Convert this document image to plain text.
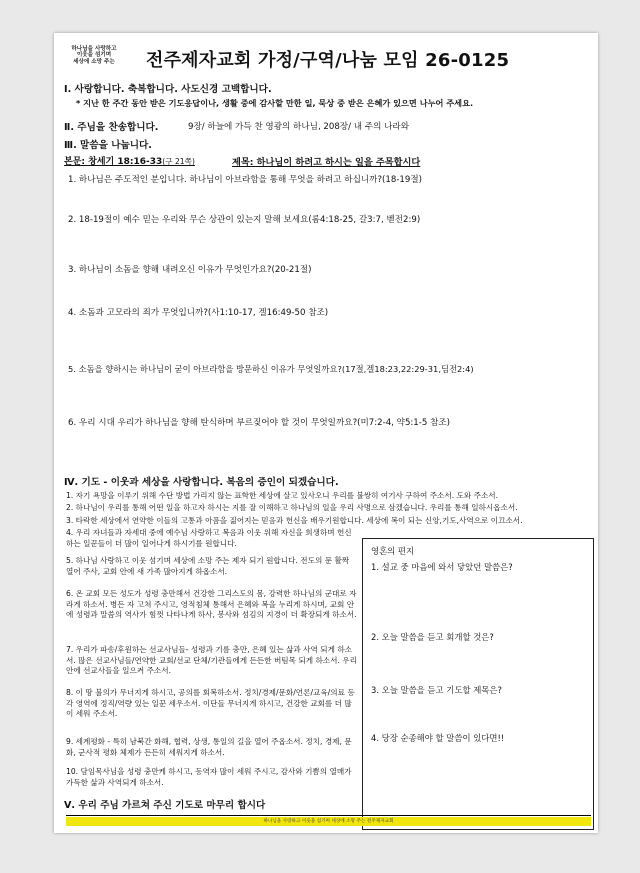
하나님을 사랑하고
이웃을 섬기며
세상에 소망 주는	전주제자교회 가정/구역/나눔 모임 26-0125
Ⅰ. 사랑합니다. 축복합니다. 사도신경 고백합니다.
* 지난 한 주간 동안 받은 기도응답이나, 생활 중에 감사할 만한 일, 묵상 중 받은 은혜가 있으면 나누어 주세요.
Ⅱ. 주님을 찬송합니다.	9장/ 하늘에 가득 찬 영광의 하나님, 208장/ 내 주의 나라와
Ⅲ. 말씀을 나눕니다.
본문: 창세기 18:16-33(구 21쪽)	제목: 하나님이 하려고 하시는 일을 주목합시다
1. 하나님은 주도적인 분입니다. 하나님이 아브라함을 통해 무엇을 하려고 하십니까?(18-19절)
2. 18-19절이 예수 믿는 우리와 무슨 상관이 있는지 말해 보세요(롬4:18-25, 갈3:7, 벧전2:9)
3. 하나님이 소돔을 향해 내려오신 이유가 무엇인가요?(20-21절)
4. 소돔과 고모라의 죄가 무엇입니까?(사1:10-17, 겔16:49-50 참조)
5. 소돔을 향하시는 하나님이 굳이 아브라함을 방문하신 이유가 무엇일까요?(17절,겔18:23,22:29-31,딤전2:4)
6. 우리 시대 우리가 하나님을 향해 탄식하며 부르짖어야 할 것이 무엇일까요?(미7:2-4, 약5:1-5 참조)
Ⅳ. 기도 - 이웃과 세상을 사랑합니다. 복음의 증인이 되겠습니다.
1. 자기 욕망을 이루기 위해 수단 방법 가리지 않는 표학한 세상에 살고 있사오니 우리를 불쌍히 여기사 구하여 주소서. 도와 주소서.
2. 하나님이 우리를 통해 어떤 일을 하고자 하시는 지를 잘 이해하고 하나님의 일을 우리 사명으로 삼겠습니다. 우리를 통해 일하시옵소서.
3. 타락한 세상에서 연약한 이들의 고통과 아픔을 짊어지는 믿음과 헌신을 배우기원합니다. 세상에 복이 되는 신앙,기도,사역으로 이끄소서.
4. 우리 자녀들과 자세대 중에 예수님 사랑하고 복음과 이웃 위해 자신을 희생하며 헌신하는 일꾼들이 더 많이 일어나게 하시기를 원합니다.
5. 하나님 사랑하고 이웃 섬기며 세상에 소망 주는 제자 되기 원합니다. 전도의 문 활짝 열어 주사, 교회 안에 새 가족 많아지게 하옵소서.
6. 온 교회 모든 성도가 성령 충만해서 건강한 그리스도의 몸, 강력한 하나님의 군대로 자라게 하소서. 병든 자 고쳐 주시고, 영적침체 통해서 은혜와 복을 누리게 하시며, 교회 안에 성령과 말씀의 역사가 힘껏 나타나게 하사, 봉사와 섬김의 지경이 더 확장되게 하소서.
7. 우리가 파송/후원하는 선교사님들- 성령과 기름 충만, 은혜 있는 삶과 사역 되게 하소서. 많은 선교사님들/연약한 교회/선교 단체/기관들에게 든든한 버팀목 되게 하소서. 우리 안에 선교사들을 일으켜 주소서.
8. 이 땅 불의가 무너지게 하시고, 공의를 회복하소서. 정치/경제/문화/언론/교육/의료 등 각 영역에 정직/역량 있는 일꾼 세우소서. 이단들 무너지게 하시고, 건강한 교회를 더 많이 세워 주소서.
9. 세계평화 - 특히 남북간 화해, 협력, 상생, 통일의 길을 열어 주옵소서. 정치, 경제, 문화, 군사적 평화 체제가 든든히 세워지게 하소서.
10. 담임목사님을 성령 충만케 하시고, 동역자 많이 세워 주시고, 감사와 기쁨의 열매가 가득한 삶과 사역되게 하소서.
Ⅴ. 우리 주님 가르쳐 주신 기도로 마무리 합시다
영혼의 편지
1. 설교 중 마음에 와서 닿았던 말씀은?
2. 오늘 말씀을 듣고 회개할 것은?
3. 오늘 말씀을 듣고 기도할 제목은?
4. 당장 순종해야 할 말씀이 있다면!!
하나님을 사랑하고 이웃을 섬기며 세상에 소망 주는 전주제자교회
